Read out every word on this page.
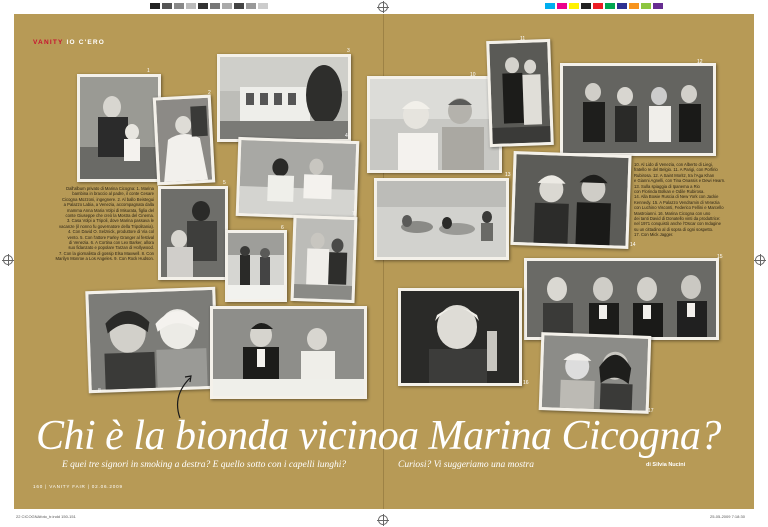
VANITY IO C'ERO
1
2
3
4
5
6
7
8
10
11
12
13
14
15
16
17
Dall'album privato di Marina Cicogna: 1. Marina
bambina in braccio al padre, il conte Cesare
Cicogna Mozzoni, ingegnere. 2. Al ballo Beistegui
a Palazzo Labia, a Venezia, accompagnata dalla
mamma Anna Maria Volpi di Misurata, figlia del
conte Giuseppe che creò la Mostra del Cinema.
3. Casa Volpi a Tripoli, dove Marina passava le
vacanze (il nonno fu governatore della Tripolitania).
4. Con David O. Selznick, produttore di Via col
vento. 5. Con l'attore Farley Granger al festival
di Venezia. 6. A Cortina con Lex Barker, allora
suo fidanzato e popolare Tarzan di Hollywood.
7. Con la giornalista di gossip Elsa Maxwell. 8. Con
Marilyn Monroe a Los Angeles. 9. Con Rock Hudson.
10. Al Lido di Venezia, con Alberto di Liegi,
fratello re del Belgio. 11. A Parigi, con Porfirio
Rubirosa. 12. A Saint Moritz, tra l'Aga Khan
e Gianni Agnelli, con Tina Onassis e Dewi Hearn.
13. Sulla spiaggia di Ipanema a Rio
con Florinda Bolkan e Odile Rubirosa.
14. Alla Bowie Ruscia di New York con Jackie
Kennedy. 15. A Palazzo Vendramin di Venezia
con Luchino Visconti, Federico Fellini e Marcello
Mastroianni. 16. Marina Cicogna con uno
dei tanti David di Donatello vinti da produttrice:
nel 1971 conquistò anche l'Oscar con Indagine
su un cittadino al di sopra di ogni sospetto.
17. Con Mick Jagger.
Chi è la bionda vicino a Marina Cicogna?
E quei tre signori in smoking a destra? E quello sotto con i capelli lunghi?	Curiosi? Vi suggeriamo una mostra	di Silvia Nucini
160 | VANITY FAIR | 02.06.2009
22 CICOGNAfoto_tr.indd 150-151	25-05-2009 7:18:30
